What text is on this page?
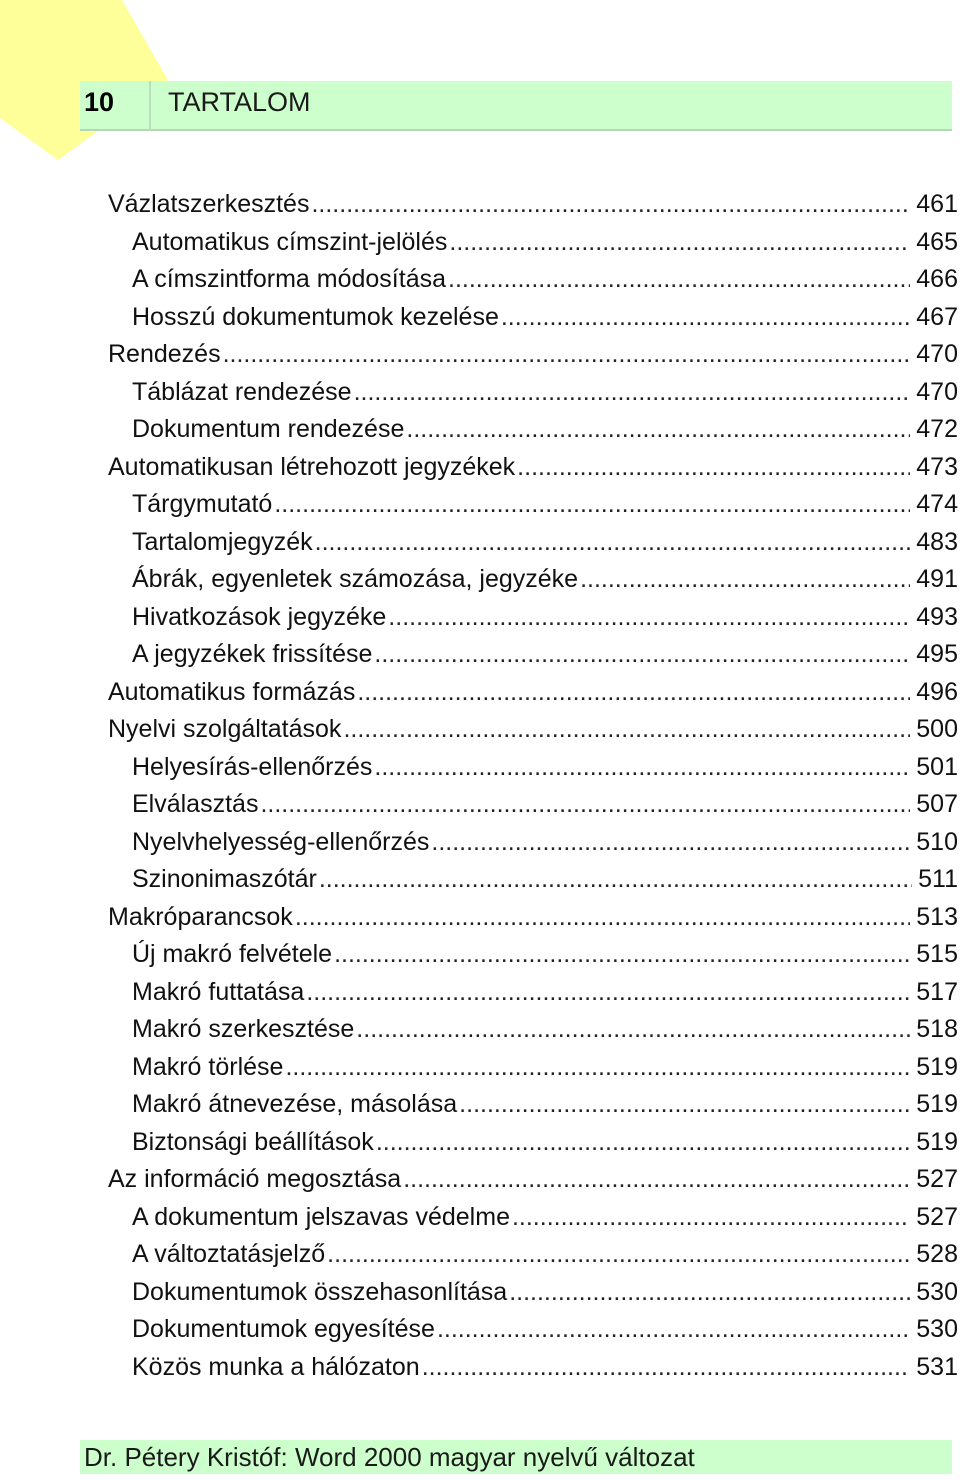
10 TARTALOM
Vázlatszerkesztés .....	461
Automatikus címszint-jelölés .....	465
A címszintforma módosítása .....	466
Hosszú dokumentumok kezelése .....	467
Rendezés .....	470
Táblázat rendezése .....	470
Dokumentum rendezése .....	472
Automatikusan létrehozott jegyzékek .....	473
Tárgymutató .....	474
Tartalomjegyzék .....	483
Ábrák, egyenletek számozása, jegyzéke .....	491
Hivatkozások jegyzéke .....	493
A jegyzékek frissítése .....	495
Automatikus formázás .....	496
Nyelvi szolgáltatások .....	500
Helyesírás-ellenőrzés .....	501
Elválasztás .....	507
Nyelvhelyesség-ellenőrzés .....	510
Szinonimaszótár .....	511
Makróparancsok .....	513
Új makró felvétele .....	515
Makró futtatása .....	517
Makró szerkesztése .....	518
Makró törlése .....	519
Makró átnevezése, másolása .....	519
Biztonsági beállítások .....	519
Az információ megosztása .....	527
A dokumentum jelszavas védelme .....	527
A változtatásjelző .....	528
Dokumentumok összehasonlítása .....	530
Dokumentumok egyesítése .....	530
Közös munka a hálózaton .....	531
Dr. Pétery Kristóf: Word 2000 magyar nyelvű változat
